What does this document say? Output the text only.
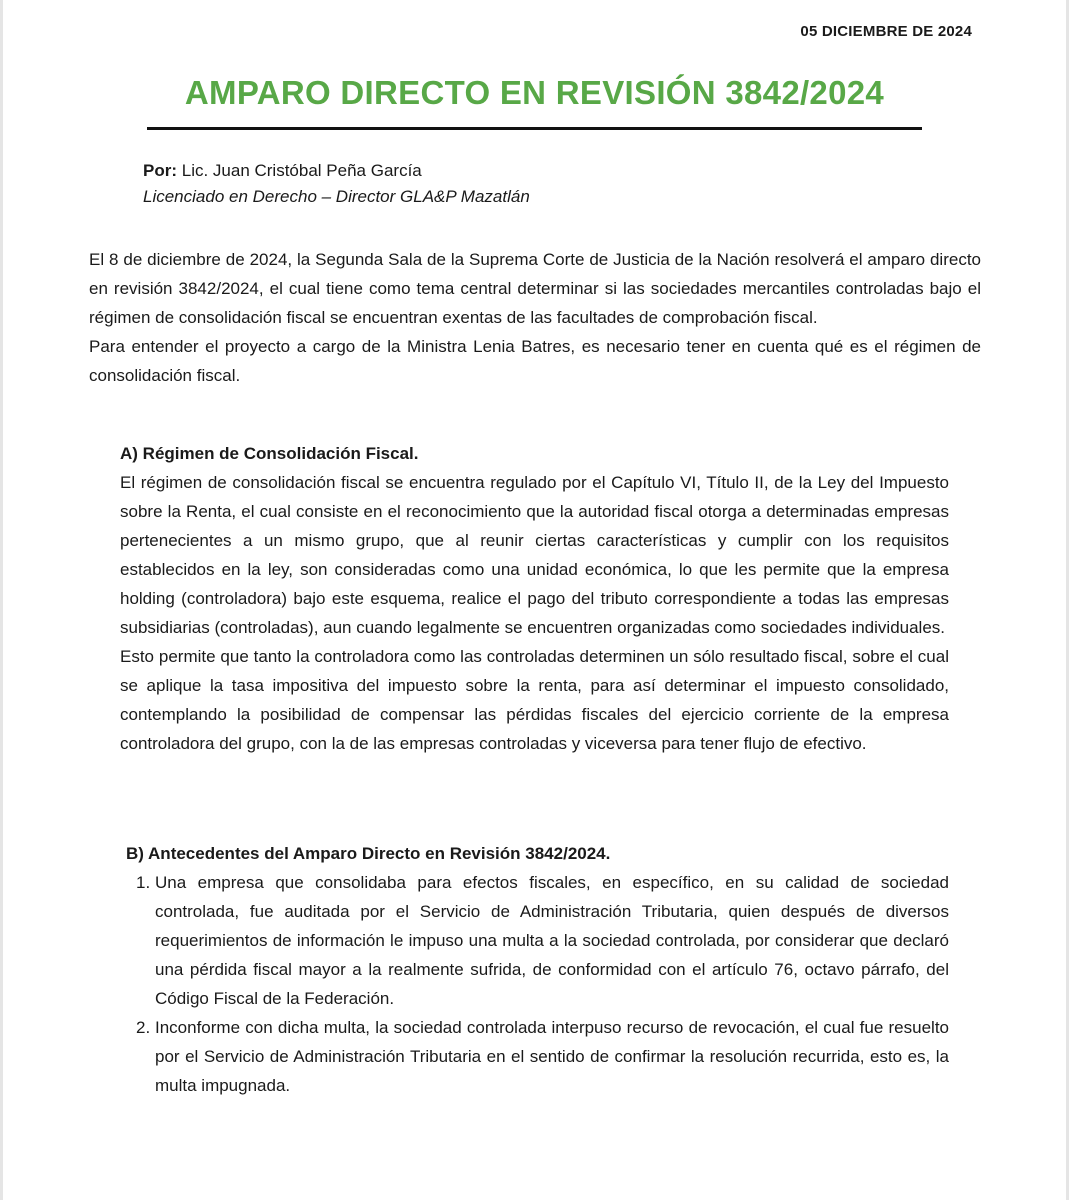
05 DICIEMBRE DE 2024
AMPARO DIRECTO EN REVISIÓN 3842/2024
Por: Lic. Juan Cristóbal Peña García
Licenciado en Derecho – Director GLA&P Mazatlán

El 8 de diciembre de 2024, la Segunda Sala de la Suprema Corte de Justicia de la Nación resolverá el amparo directo en revisión 3842/2024, el cual tiene como tema central determinar si las sociedades mercantiles controladas bajo el régimen de consolidación fiscal se encuentran exentas de las facultades de comprobación fiscal.

Para entender el proyecto a cargo de la Ministra Lenia Batres, es necesario tener en cuenta qué es el régimen de consolidación fiscal.

A) Régimen de Consolidación Fiscal.

El régimen de consolidación fiscal se encuentra regulado por el Capítulo VI, Título II, de la Ley del Impuesto sobre la Renta, el cual consiste en el reconocimiento que la autoridad fiscal otorga a determinadas empresas pertenecientes a un mismo grupo, que al reunir ciertas características y cumplir con los requisitos establecidos en la ley, son consideradas como una unidad económica, lo que les permite que la empresa holding (controladora) bajo este esquema, realice el pago del tributo correspondiente a todas las empresas subsidiarias (controladas), aun cuando legalmente se encuentren organizadas como sociedades individuales.

Esto permite que tanto la controladora como las controladas determinen un sólo resultado fiscal, sobre el cual se aplique la tasa impositiva del impuesto sobre la renta, para así determinar el impuesto consolidado, contemplando la posibilidad de compensar las pérdidas fiscales del ejercicio corriente de la empresa controladora del grupo, con la de las empresas controladas y viceversa para tener flujo de efectivo.

B) Antecedentes del Amparo Directo en Revisión 3842/2024.

1. Una empresa que consolidaba para efectos fiscales, en específico, en su calidad de sociedad controlada, fue auditada por el Servicio de Administración Tributaria, quien después de diversos requerimientos de información le impuso una multa a la sociedad controlada, por considerar que declaró una pérdida fiscal mayor a la realmente sufrida, de conformidad con el artículo 76, octavo párrafo, del Código Fiscal de la Federación.
2. Inconforme con dicha multa, la sociedad controlada interpuso recurso de revocación, el cual fue resuelto por el Servicio de Administración Tributaria en el sentido de confirmar la resolución recurrida, esto es, la multa impugnada.
